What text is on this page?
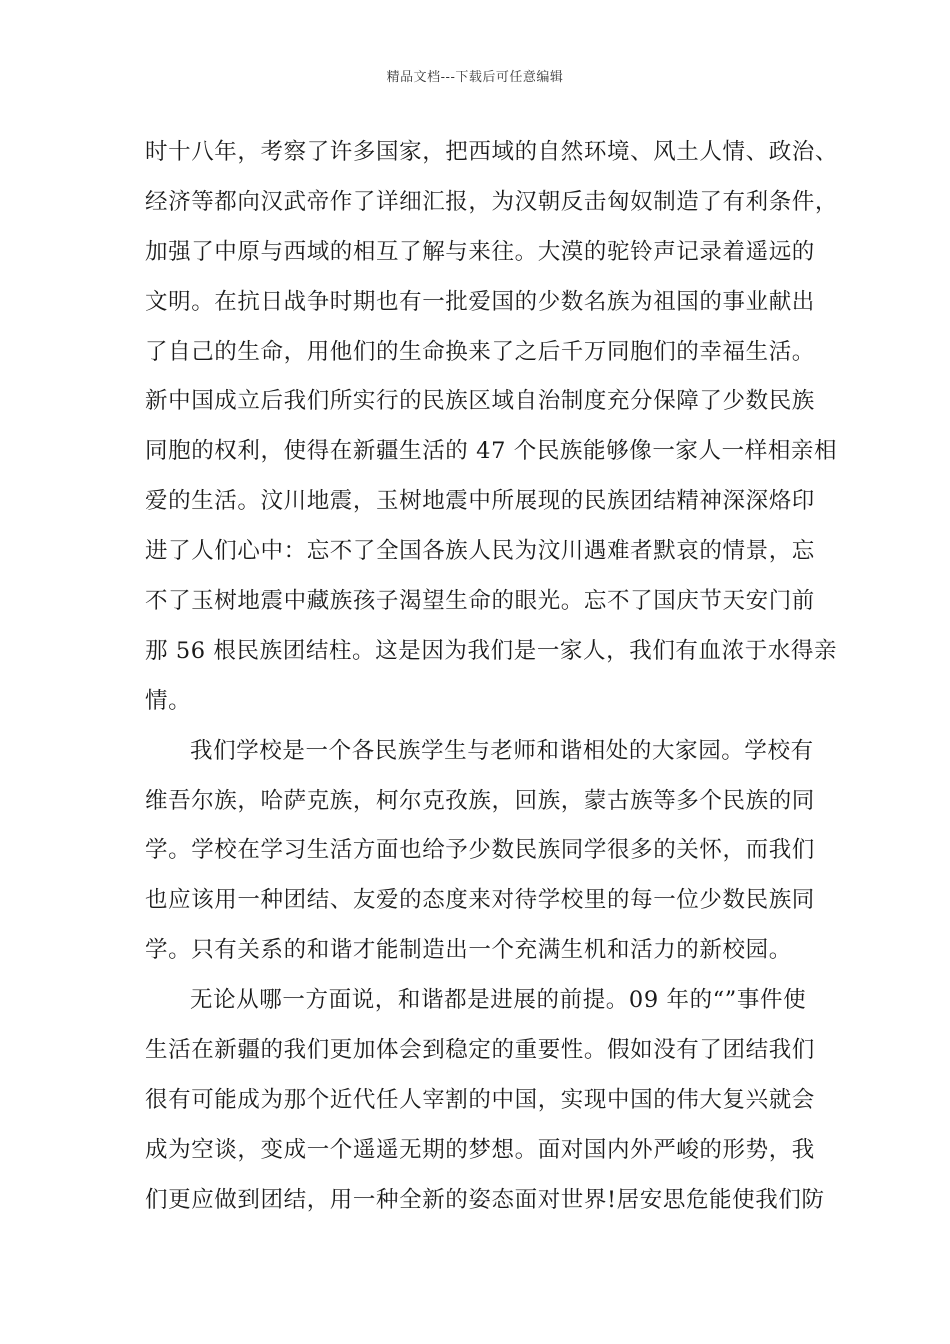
精品文档---下载后可任意编辑
时十八年，考察了许多国家，把西域的自然环境、风土人情、政治、
经济等都向汉武帝作了详细汇报，为汉朝反击匈奴制造了有利条件，
加强了中原与西域的相互了解与来往。大漠的驼铃声记录着遥远的
文明。在抗日战争时期也有一批爱国的少数名族为祖国的事业献出
了自己的生命，用他们的生命换来了之后千万同胞们的幸福生活。
新中国成立后我们所实行的民族区域自治制度充分保障了少数民族
同胞的权利，使得在新疆生活的 47 个民族能够像一家人一样相亲相
爱的生活。汶川地震，玉树地震中所展现的民族团结精神深深烙印
进了人们心中：忘不了全国各族人民为汶川遇难者默哀的情景，忘
不了玉树地震中藏族孩子渴望生命的眼光。忘不了国庆节天安门前
那 56 根民族团结柱。这是因为我们是一家人，我们有血浓于水得亲
情。
我们学校是一个各民族学生与老师和谐相处的大家园。学校有
维吾尔族，哈萨克族，柯尔克孜族，回族，蒙古族等多个民族的同
学。学校在学习生活方面也给予少数民族同学很多的关怀，而我们
也应该用一种团结、友爱的态度来对待学校里的每一位少数民族同
学。只有关系的和谐才能制造出一个充满生机和活力的新校园。
无论从哪一方面说，和谐都是进展的前提。09 年的“”事件使
生活在新疆的我们更加体会到稳定的重要性。假如没有了团结我们
很有可能成为那个近代任人宰割的中国，实现中国的伟大复兴就会
成为空谈，变成一个遥遥无期的梦想。面对国内外严峻的形势，我
们更应做到团结，用一种全新的姿态面对世界!居安思危能使我们防
